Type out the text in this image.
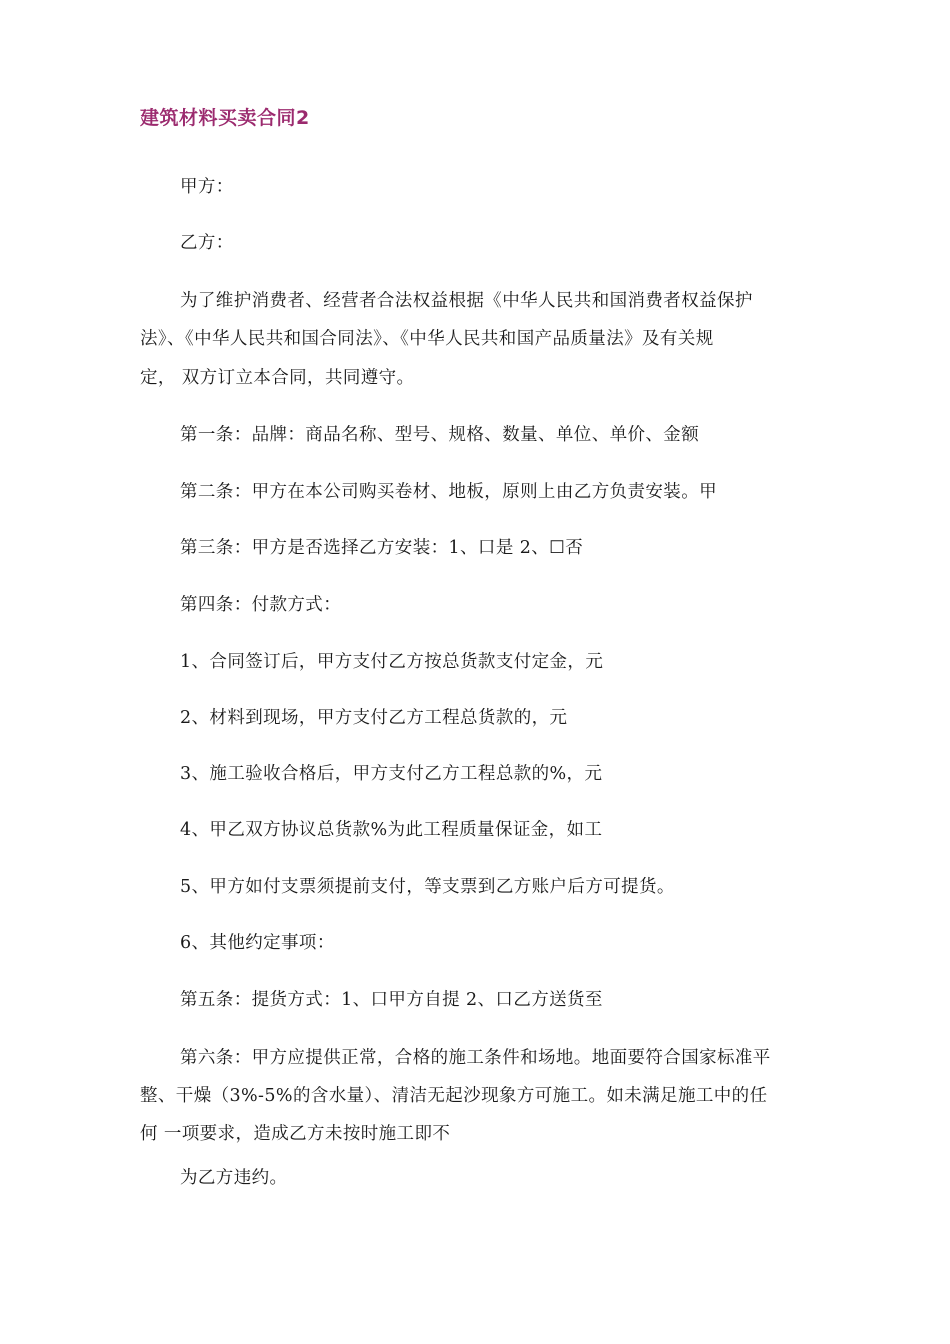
建筑材料买卖合同2
甲方：
乙方：
为了维护消费者、经营者合法权益根据《中华人民共和国消费者权益保护
法》、《中华人民共和国合同法》、《中华人民共和国产品质量法》及有关规
定， 双方订立本合同，共同遵守。
第一条：品牌：商品名称、型号、规格、数量、单位、单价、金额
第二条：甲方在本公司购买卷材、地板，原则上由乙方负责安装。甲
第三条：甲方是否选择乙方安装：1、口是 2、☐否
第四条：付款方式：
1、合同签订后，甲方支付乙方按总货款支付定金，元
2、材料到现场，甲方支付乙方工程总货款的，元
3、施工验收合格后，甲方支付乙方工程总款的%，元
4、甲乙双方协议总货款%为此工程质量保证金，如工
5、甲方如付支票须提前支付，等支票到乙方账户后方可提货。
6、其他约定事项：
第五条：提货方式：1、口甲方自提 2、口乙方送货至
第六条：甲方应提供正常，合格的施工条件和场地。地面要符合国家标准平
整、干燥（3%-5%的含水量）、清洁无起沙现象方可施工。如未满足施工中的任
何 一项要求，造成乙方未按时施工即不
为乙方违约。
